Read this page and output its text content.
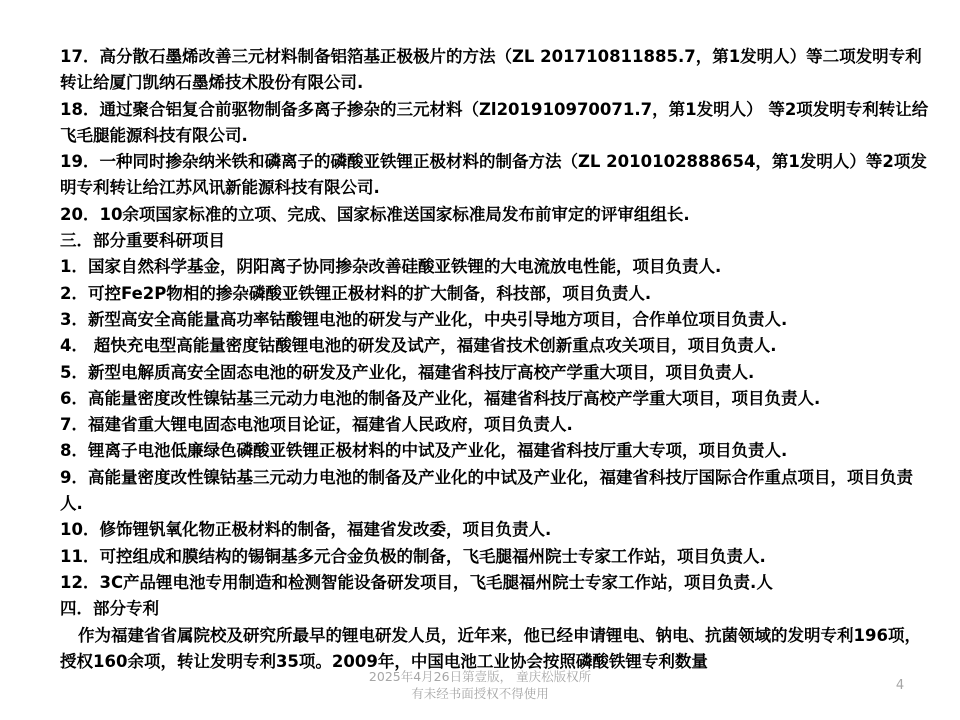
17．高分散石墨烯改善三元材料制备铝箔基正极极片的方法（ZL 201710811885.7，第1发明人）等二项发明专利转让给厦门凯纳石墨烯技术股份有限公司.

18．通过聚合铝复合前驱物制备多离子掺杂的三元材料（Zl201910970071.7，第1发明人） 等2项发明专利转让给飞毛腿能源科技有限公司.

19．一种同时掺杂纳米铁和磷离子的磷酸亚铁锂正极材料的制备方法（ZL 2010102888654，第1发明人）等2项发明专利转让给江苏风讯新能源科技有限公司.

20．10余项国家标准的立项、完成、国家标准送国家标准局发布前审定的评审组组长.

三．部分重要科研项目

1．国家自然科学基金，阴阳离子协同掺杂改善硅酸亚铁锂的大电流放电性能，项目负责人.

2．可控Fe2P物相的掺杂磷酸亚铁锂正极材料的扩大制备，科技部，项目负责人.

3．新型高安全高能量高功率钴酸锂电池的研发与产业化，中央引导地方项目，合作单位项目负责人.

4． 超快充电型高能量密度钴酸锂电池的研发及试产，福建省技术创新重点攻关项目，项目负责人.

5．新型电解质高安全固态电池的研发及产业化，福建省科技厅高校产学重大项目，项目负责人.

6．高能量密度改性镍钴基三元动力电池的制备及产业化，福建省科技厅高校产学重大项目，项目负责人.

7．福建省重大锂电固态电池项目论证，福建省人民政府，项目负责人.

8．锂离子电池低廉绿色磷酸亚铁锂正极材料的中试及产业化，福建省科技厅重大专项，项目负责人.

9．高能量密度改性镍钴基三元动力电池的制备及产业化的中试及产业化，福建省科技厅国际合作重点项目，项目负责人.

10．修饰锂钒氧化物正极材料的制备，福建省发改委，项目负责人.

11．可控组成和膜结构的锡铜基多元合金负极的制备，飞毛腿福州院士专家工作站，项目负责人.

12．3C产品锂电池专用制造和检测智能设备研发项目，飞毛腿福州院士专家工作站，项目负责.人

四．部分专利

作为福建省省属院校及研究所最早的锂电研发人员，近年来，他已经申请锂电、钠电、抗菌领域的发明专利196项，授权160余项，转让发明专利35项。2009年，中国电池工业协会按照磷酸铁锂专利数量

2025年4月26日第壹版， 童庆松版权所
有未经书面授权不得使用
4
